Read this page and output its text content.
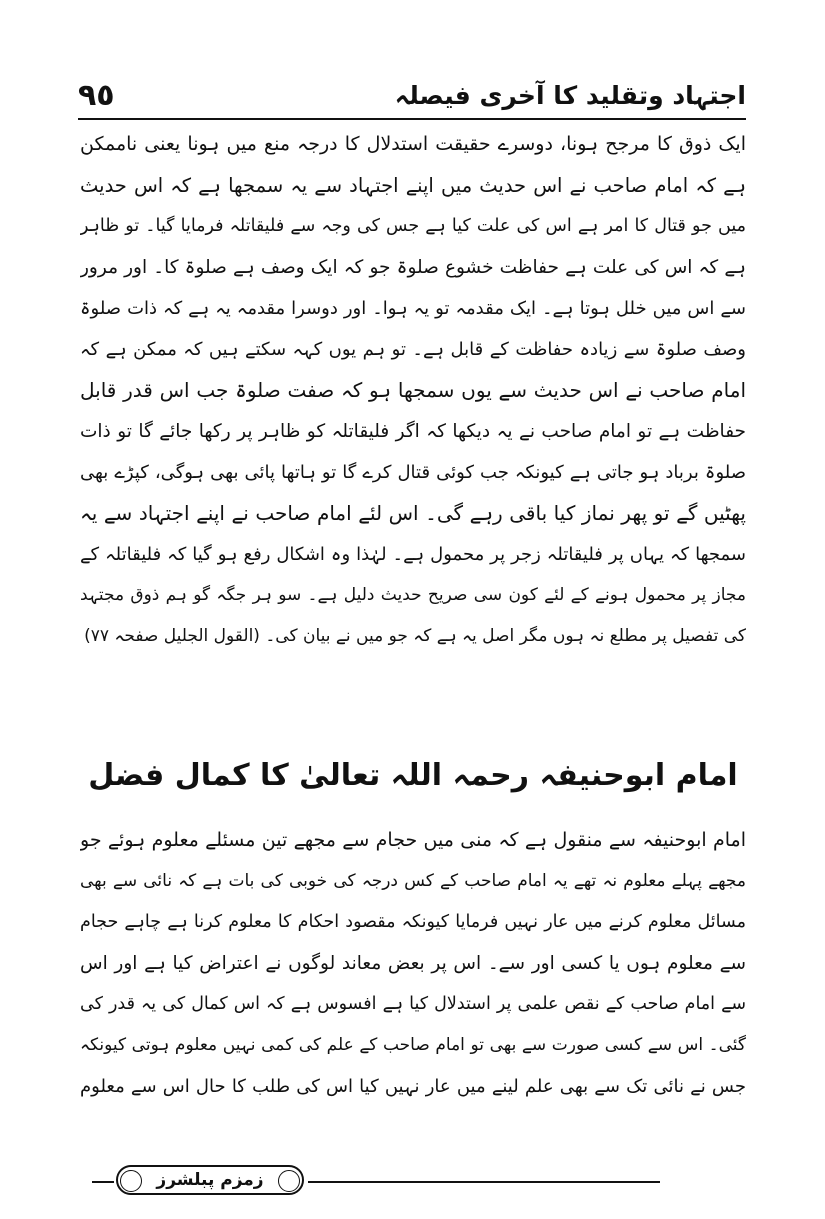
٩٥	اجتہاد وتقلید کا آخری فیصلہ
ایک ذوق کا مرجح ہونا، دوسرے حقیقت استدلال کا درجہ منع میں ہونا یعنی ناممکن
ہے کہ امام صاحب نے اس حدیث میں اپنے اجتہاد سے یہ سمجھا ہے کہ اس حدیث
میں جو قتال کا امر ہے اس کی علت کیا ہے جس کی وجہ سے فلیقاتلہ فرمایا گیا۔ تو ظاہر
ہے کہ اس کی علت ہے حفاظت خشوع صلوۃ جو کہ ایک وصف ہے صلوۃ کا۔ اور مرور
سے اس میں خلل ہوتا ہے۔ ایک مقدمہ تو یہ ہوا۔ اور دوسرا مقدمہ یہ ہے کہ ذات صلوۃ
وصف صلوۃ سے زیادہ حفاظت کے قابل ہے۔ تو ہم یوں کہہ سکتے ہیں کہ ممکن ہے کہ
امام صاحب نے اس حدیث سے یوں سمجھا ہو کہ صفت صلوۃ جب اس قدر قابل
حفاظت ہے تو امام صاحب نے یہ دیکھا کہ اگر فلیقاتلہ کو ظاہر پر رکھا جائے گا تو ذات
صلوۃ برباد ہو جاتی ہے کیونکہ جب کوئی قتال کرے گا تو ہاتھا پائی بھی ہوگی، کپڑے بھی
پھٹیں گے تو پھر نماز کیا باقی رہے گی۔ اس لئے امام صاحب نے اپنے اجتہاد سے یہ
سمجھا کہ یہاں پر فلیقاتلہ زجر پر محمول ہے۔ لہٰذا وہ اشکال رفع ہو گیا کہ فلیقاتلہ کے
مجاز پر محمول ہونے کے لئے کون سی صریح حدیث دلیل ہے۔ سو ہر جگہ گو ہم ذوق مجتہد
کی تفصیل پر مطلع نہ ہوں مگر اصل یہ ہے کہ جو میں نے بیان کی۔ (القول الجلیل صفحہ ۷۷)
امام ابوحنیفہ رحمہ اللہ تعالیٰ کا کمال فضل
امام ابوحنیفہ سے منقول ہے کہ منی میں حجام سے مجھے تین مسئلے معلوم ہوئے جو
مجھے پہلے معلوم نہ تھے یہ امام صاحب کے کس درجہ کی خوبی کی بات ہے کہ نائی سے بھی
مسائل معلوم کرنے میں عار نہیں فرمایا کیونکہ مقصود احکام کا معلوم کرنا ہے چاہے حجام
سے معلوم ہوں یا کسی اور سے۔ اس پر بعض معاند لوگوں نے اعتراض کیا ہے اور اس
سے امام صاحب کے نقص علمی پر استدلال کیا ہے افسوس ہے کہ اس کمال کی یہ قدر کی
گئی۔ اس سے کسی صورت سے بھی تو امام صاحب کے علم کی کمی نہیں معلوم ہوتی کیونکہ
جس نے نائی تک سے بھی علم لینے میں عار نہیں کیا اس کی طلب کا حال اس سے معلوم
زمزم پبلشرز
